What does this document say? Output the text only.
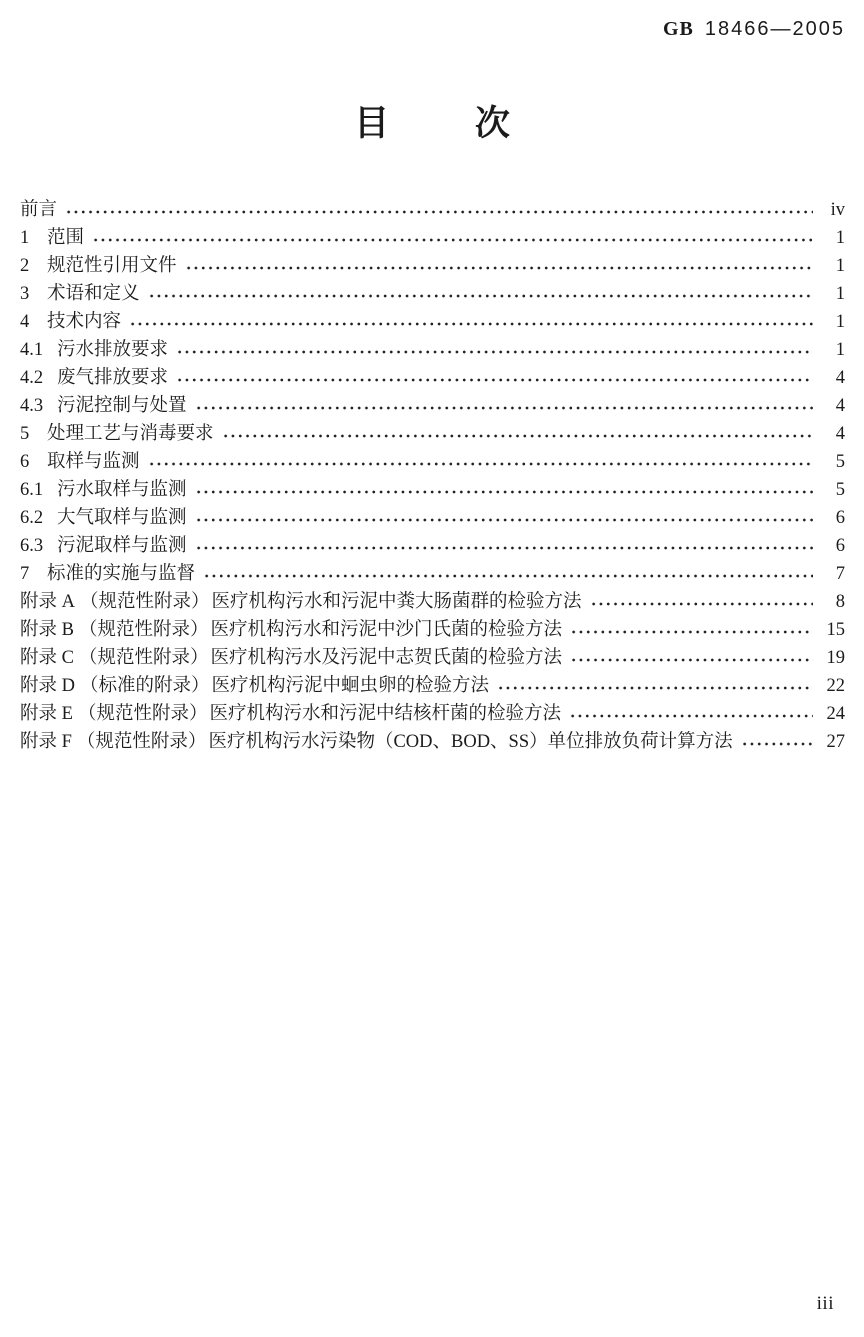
GB 18466—2005
目次
前言	iv
1 范围	1
2 规范性引用文件	1
3 术语和定义	1
4 技术内容	1
4.1 污水排放要求	1
4.2 废气排放要求	4
4.3 污泥控制与处置	4
5 处理工艺与消毒要求	4
6 取样与监测	5
6.1 污水取样与监测	5
6.2 大气取样与监测	6
6.3 污泥取样与监测	6
7 标准的实施与监督	7
附录 A （规范性附录） 医疗机构污水和污泥中粪大肠菌群的检验方法	8
附录 B （规范性附录） 医疗机构污水和污泥中沙门氏菌的检验方法	15
附录 C （规范性附录） 医疗机构污水及污泥中志贺氏菌的检验方法	19
附录 D （标准的附录） 医疗机构污泥中蛔虫卵的检验方法	22
附录 E （规范性附录） 医疗机构污水和污泥中结核杆菌的检验方法	24
附录 F （规范性附录） 医疗机构污水污染物（COD、BOD、SS）单位排放负荷计算方法	27
iii
